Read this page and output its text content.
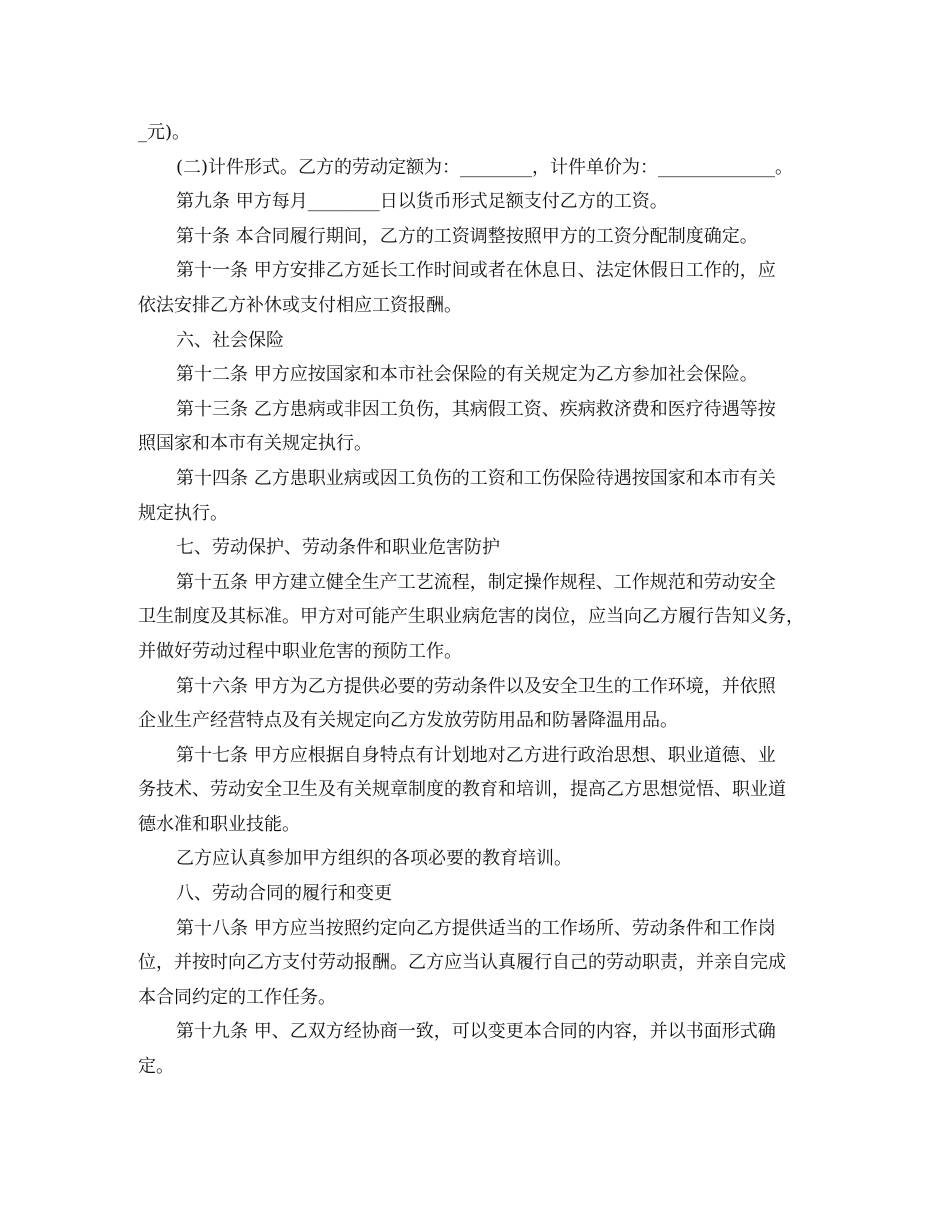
_元)。
(二)计件形式。乙方的劳动定额为：________，计件单价为：_____________。
第九条 甲方每月________日以货币形式足额支付乙方的工资。
第十条 本合同履行期间，乙方的工资调整按照甲方的工资分配制度确定。
第十一条 甲方安排乙方延长工作时间或者在休息日、法定休假日工作的，应
依法安排乙方补休或支付相应工资报酬。
六、社会保险
第十二条 甲方应按国家和本市社会保险的有关规定为乙方参加社会保险。
第十三条 乙方患病或非因工负伤，其病假工资、疾病救济费和医疗待遇等按
照国家和本市有关规定执行。
第十四条 乙方患职业病或因工负伤的工资和工伤保险待遇按国家和本市有关
规定执行。
七、劳动保护、劳动条件和职业危害防护
第十五条 甲方建立健全生产工艺流程，制定操作规程、工作规范和劳动安全
卫生制度及其标准。甲方对可能产生职业病危害的岗位，应当向乙方履行告知义务，
并做好劳动过程中职业危害的预防工作。
第十六条 甲方为乙方提供必要的劳动条件以及安全卫生的工作环境，并依照
企业生产经营特点及有关规定向乙方发放劳防用品和防暑降温用品。
第十七条 甲方应根据自身特点有计划地对乙方进行政治思想、职业道德、业
务技术、劳动安全卫生及有关规章制度的教育和培训，提高乙方思想觉悟、职业道
德水准和职业技能。
乙方应认真参加甲方组织的各项必要的教育培训。
八、劳动合同的履行和变更
第十八条 甲方应当按照约定向乙方提供适当的工作场所、劳动条件和工作岗
位，并按时向乙方支付劳动报酬。乙方应当认真履行自己的劳动职责，并亲自完成
本合同约定的工作任务。
第十九条 甲、乙双方经协商一致，可以变更本合同的内容，并以书面形式确
定。
